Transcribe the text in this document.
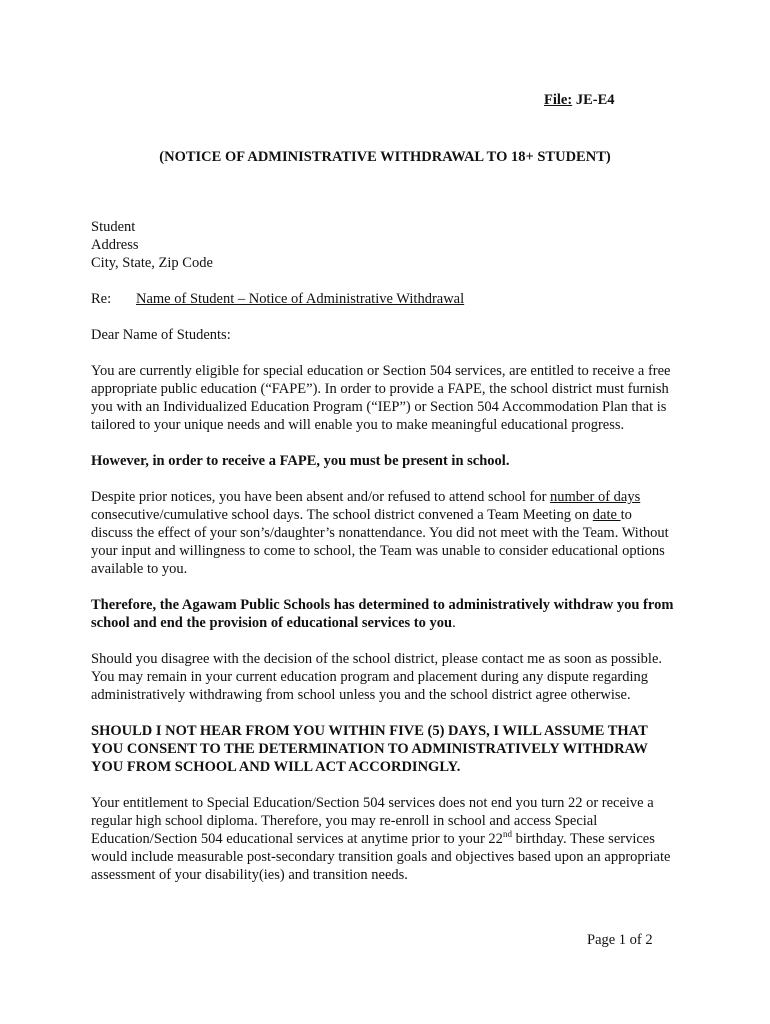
File: JE-E4
(NOTICE OF ADMINISTRATIVE WITHDRAWAL TO 18+ STUDENT)
Student
Address
City, State, Zip Code
Re:	Name of Student – Notice of Administrative Withdrawal

Dear Name of Students:

You are currently eligible for special education or Section 504 services, are entitled to receive a free appropriate public education (“FAPE”). In order to provide a FAPE, the school district must furnish you with an Individualized Education Program (“IEP”) or Section 504 Accommodation Plan that is tailored to your unique needs and will enable you to make meaningful educational progress.

However, in order to receive a FAPE, you must be present in school.

Despite prior notices, you have been absent and/or refused to attend school for number of days consecutive/cumulative school days. The school district convened a Team Meeting on date to discuss the effect of your son’s/daughter’s nonattendance. You did not meet with the Team. Without your input and willingness to come to school, the Team was unable to consider educational options available to you.

Therefore, the Agawam Public Schools has determined to administratively withdraw you from school and end the provision of educational services to you.

Should you disagree with the decision of the school district, please contact me as soon as possible. You may remain in your current education program and placement during any dispute regarding administratively withdrawing from school unless you and the school district agree otherwise.

SHOULD I NOT HEAR FROM YOU WITHIN FIVE (5) DAYS, I WILL ASSUME THAT YOU CONSENT TO THE DETERMINATION TO ADMINISTRATIVELY WITHDRAW YOU FROM SCHOOL AND WILL ACT ACCORDINGLY.

Your entitlement to Special Education/Section 504 services does not end you turn 22 or receive a regular high school diploma. Therefore, you may re-enroll in school and access Special Education/Section 504 educational services at anytime prior to your 22nd birthday. These services would include measurable post-secondary transition goals and objectives based upon an appropriate assessment of your disability(ies) and transition needs.

Page 1 of 2
